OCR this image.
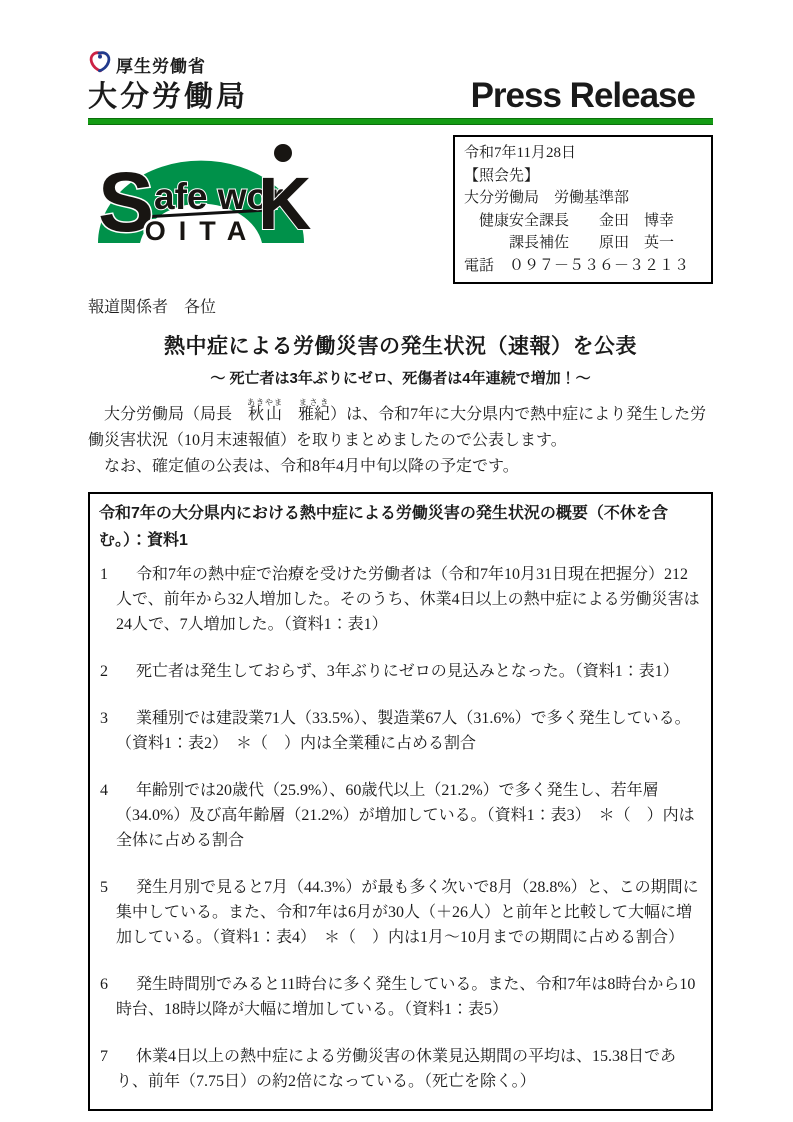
厚生労働省
大分労働局	Press Release
S afe wor
K
OITA
令和7年11月28日
【照会先】
大分労働局　労働基準部
　健康安全課長　　金田　博幸
　　　課長補佐　　原田　英一
電話　０９７－５３６－３２１３
報道関係者　各位
熱中症による労働災害の発生状況（速報）を公表
～ 死亡者は3年ぶりにゼロ、死傷者は4年連続で増加！～

　大分労働局（局長　秋山あきやま　雅紀まさき）は、令和7年に大分県内で熱中症により発生した労働災害状況（10月末速報値）を取りまとめましたので公表します。

　なお、確定値の公表は、令和8年4月中旬以降の予定です。

令和7年の大分県内における熱中症による労働災害の発生状況の概要（不休を含む。）：資料1
1	令和7年の熱中症で治療を受けた労働者は（令和7年10月31日現在把握分）212人で、前年から32人増加した。そのうち、休業4日以上の熱中症による労働災害は24人で、7人増加した。（資料1：表1）
2	死亡者は発生しておらず、3年ぶりにゼロの見込みとなった。（資料1：表1）
3	業種別では建設業71人（33.5%）、製造業67人（31.6%）で多く発生している。（資料1：表2）　＊（　）内は全業種に占める割合
4	年齢別では20歳代（25.9%）、60歳代以上（21.2%）で多く発生し、若年層（34.0%）及び高年齢層（21.2%）が増加している。（資料1：表3）　＊（　）内は全体に占める割合
5	発生月別で見ると7月（44.3%）が最も多く次いで8月（28.8%）と、この期間に集中している。また、令和7年は6月が30人（＋26人）と前年と比較して大幅に増加している。（資料1：表4）　＊（　）内は1月～10月までの期間に占める割合）
6	発生時間別でみると11時台に多く発生している。また、令和7年は8時台から10時台、18時以降が大幅に増加している。（資料1：表5）
7	休業4日以上の熱中症による労働災害の休業見込期間の平均は、15.38日であり、前年（7.75日）の約2倍になっている。（死亡を除く。）
